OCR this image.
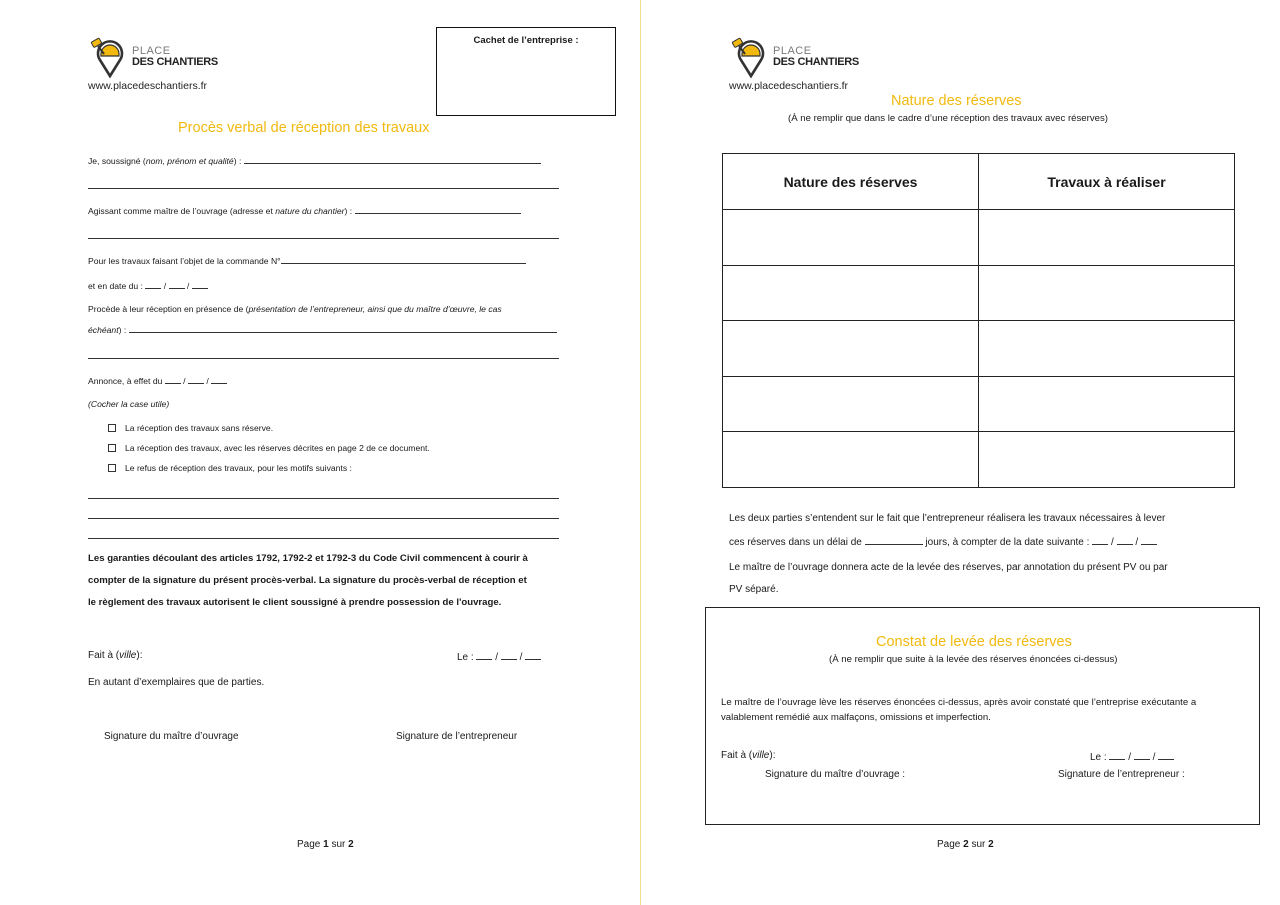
PLACE
DES CHANTIERS
www.placedeschantiers.fr
Cachet de l’entreprise :
Procès verbal de réception des travaux
Je, soussigné (nom, prénom et qualité) :
Agissant comme maître de l’ouvrage (adresse et nature du chantier) :
Pour les travaux faisant l’objet de la commande N°
et en date du : / /
Procède à leur réception en présence de (présentation de l’entrepreneur, ainsi que du maître d’œuvre, le cas
échéant) :
Annonce, à effet du / /
(Cocher la case utile)
La réception des travaux sans réserve.
La réception des travaux, avec les réserves décrites en page 2 de ce document.
Le refus de réception des travaux, pour les motifs suivants :
Les garanties découlant des articles 1792, 1792-2 et 1792-3 du Code Civil commencent à courir à
compter de la signature du présent procès-verbal. La signature du procès-verbal de réception et
le règlement des travaux autorisent le client soussigné à prendre possession de l'ouvrage.
Fait à (ville):	Le : / /
En autant d’exemplaires que de parties.
Signature du maître d’ouvrage	Signature de l’entrepreneur
Page 1 sur 2
PLACE
DES CHANTIERS
www.placedeschantiers.fr
Nature des réserves
(À ne remplir que dans le cadre d’une réception des travaux avec réserves)
Nature des réserves	Travaux à réaliser

Les deux parties s’entendent sur le fait que l’entrepreneur réalisera les travaux nécessaires à lever
ces réserves dans un délai de	jours, à compter de la date suivante : / /
Le maître de l’ouvrage donnera acte de la levée des réserves, par annotation du présent PV ou par
PV séparé.
Constat de levée des réserves
(À ne remplir que suite à la levée des réserves énoncées ci-dessus)
Le maître de l’ouvrage lève les réserves énoncées ci-dessus, après avoir constaté que l’entreprise exécutante a
valablement remédié aux malfaçons, omissions et imperfection.
Fait à (ville):	Le : / /
Signature du maître d’ouvrage :	Signature de l’entrepreneur :
Page 2 sur 2
